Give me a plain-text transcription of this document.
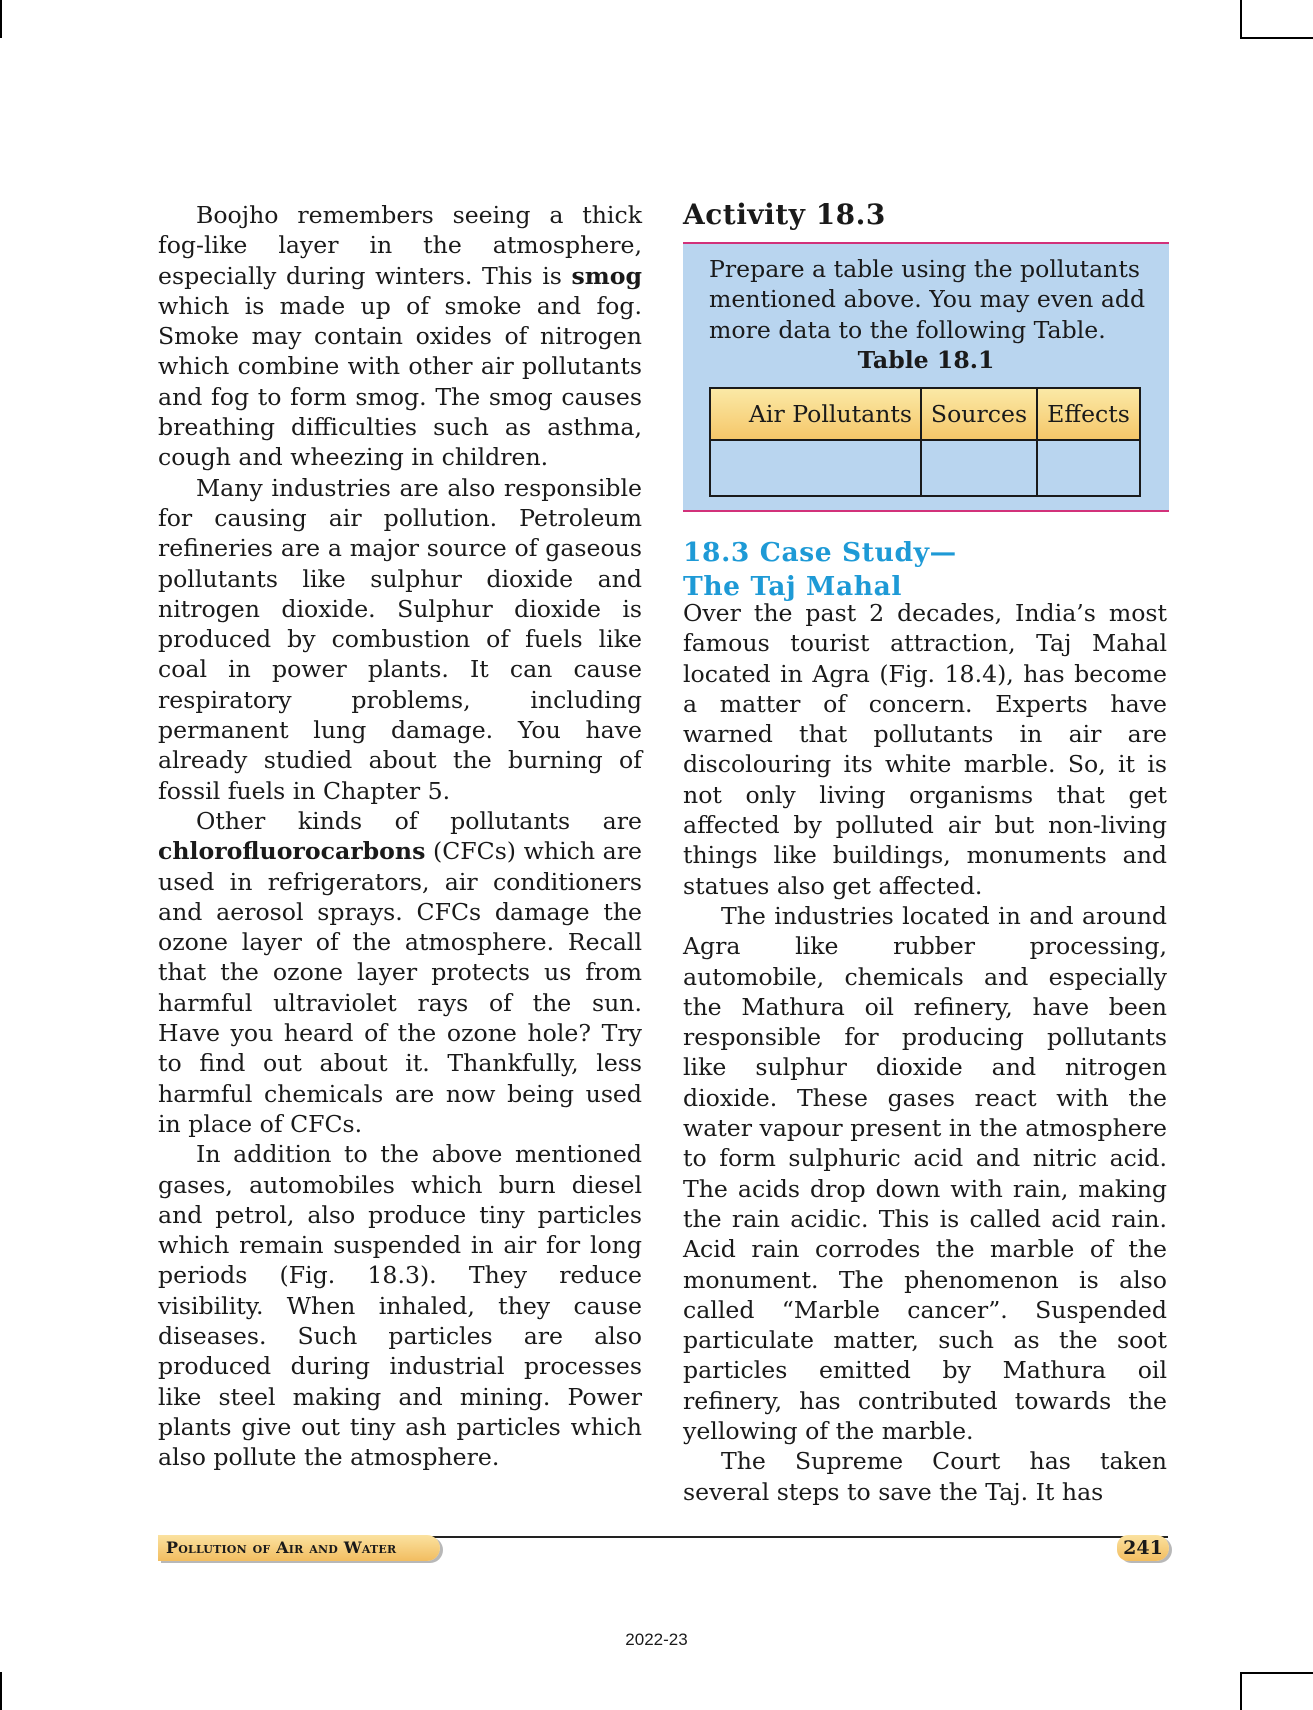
Boojho remembers seeing a thick fog-like layer in the atmosphere, especially during winters. This is smog which is made up of smoke and fog. Smoke may contain oxides of nitrogen which combine with other air pollutants and fog to form smog. The smog causes breathing difficulties such as asthma, cough and wheezing in children.

Many industries are also responsible for causing air pollution. Petroleum refineries are a major source of gaseous pollutants like sulphur dioxide and nitrogen dioxide. Sulphur dioxide is produced by combustion of fuels like coal in power plants. It can cause respiratory problems, including permanent lung damage. You have already studied about the burning of fossil fuels in Chapter 5.

Other kinds of pollutants are chlorofluorocarbons (CFCs) which are used in refrigerators, air conditioners and aerosol sprays. CFCs damage the ozone layer of the atmosphere. Recall that the ozone layer protects us from harmful ultraviolet rays of the sun. Have you heard of the ozone hole? Try to find out about it. Thankfully, less harmful chemicals are now being used in place of CFCs.

In addition to the above mentioned gases, automobiles which burn diesel and petrol, also produce tiny particles which remain suspended in air for long periods (Fig. 18.3). They reduce visibility. When inhaled, they cause diseases. Such particles are also produced during industrial processes like steel making and mining. Power plants give out tiny ash particles which also pollute the atmosphere.

Activity 18.3
Prepare a table using the pollutants mentioned above. You may even add more data to the following Table.
Table 18.1
Air Pollutants	Sources	Effects

18.3 Case Study—
The Taj Mahal

Over the past 2 decades, India’s most famous tourist attraction, Taj Mahal located in Agra (Fig. 18.4), has become a matter of concern. Experts have warned that pollutants in air are discolouring its white marble. So, it is not only living organisms that get affected by polluted air but non-living things like buildings, monuments and statues also get affected.

The industries located in and around Agra like rubber processing, automobile, chemicals and especially the Mathura oil refinery, have been responsible for producing pollutants like sulphur dioxide and nitrogen dioxide. These gases react with the water vapour present in the atmosphere to form sulphuric acid and nitric acid. The acids drop down with rain, making the rain acidic. This is called acid rain. Acid rain corrodes the marble of the monument. The phenomenon is also called “Marble cancer”. Suspended particulate matter, such as the soot particles emitted by Mathura oil refinery, has contributed towards the yellowing of the marble.

The Supreme Court has taken several steps to save the Taj. It has

Pollution of Air and Water	241
2022-23
